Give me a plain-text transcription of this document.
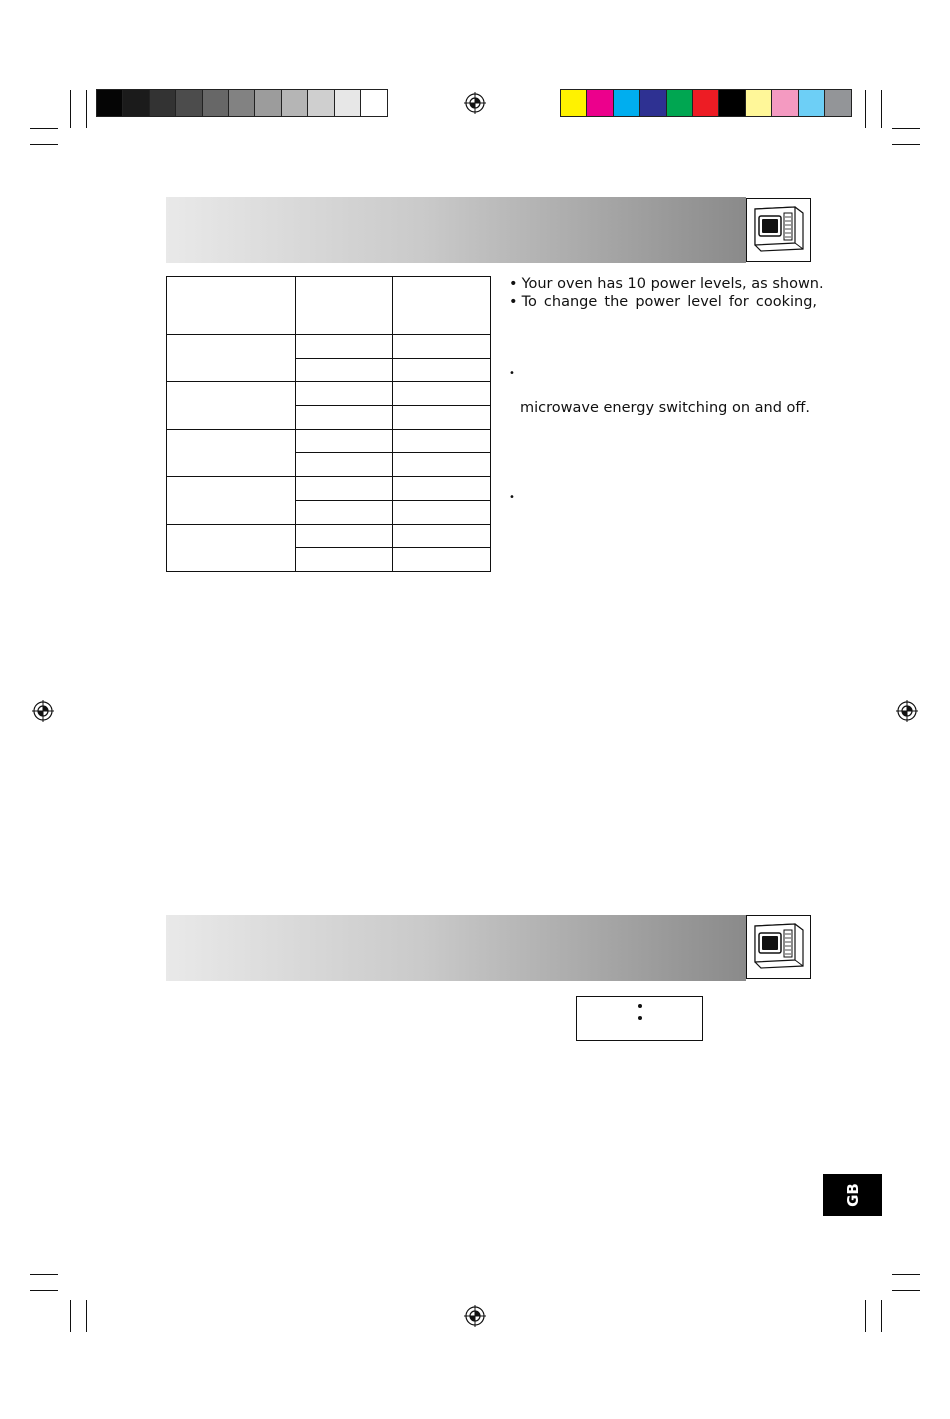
• Your oven has 10 power levels, as shown.
• To change the power level for cooking,
•
microwave energy switching on and off.
•
GB
